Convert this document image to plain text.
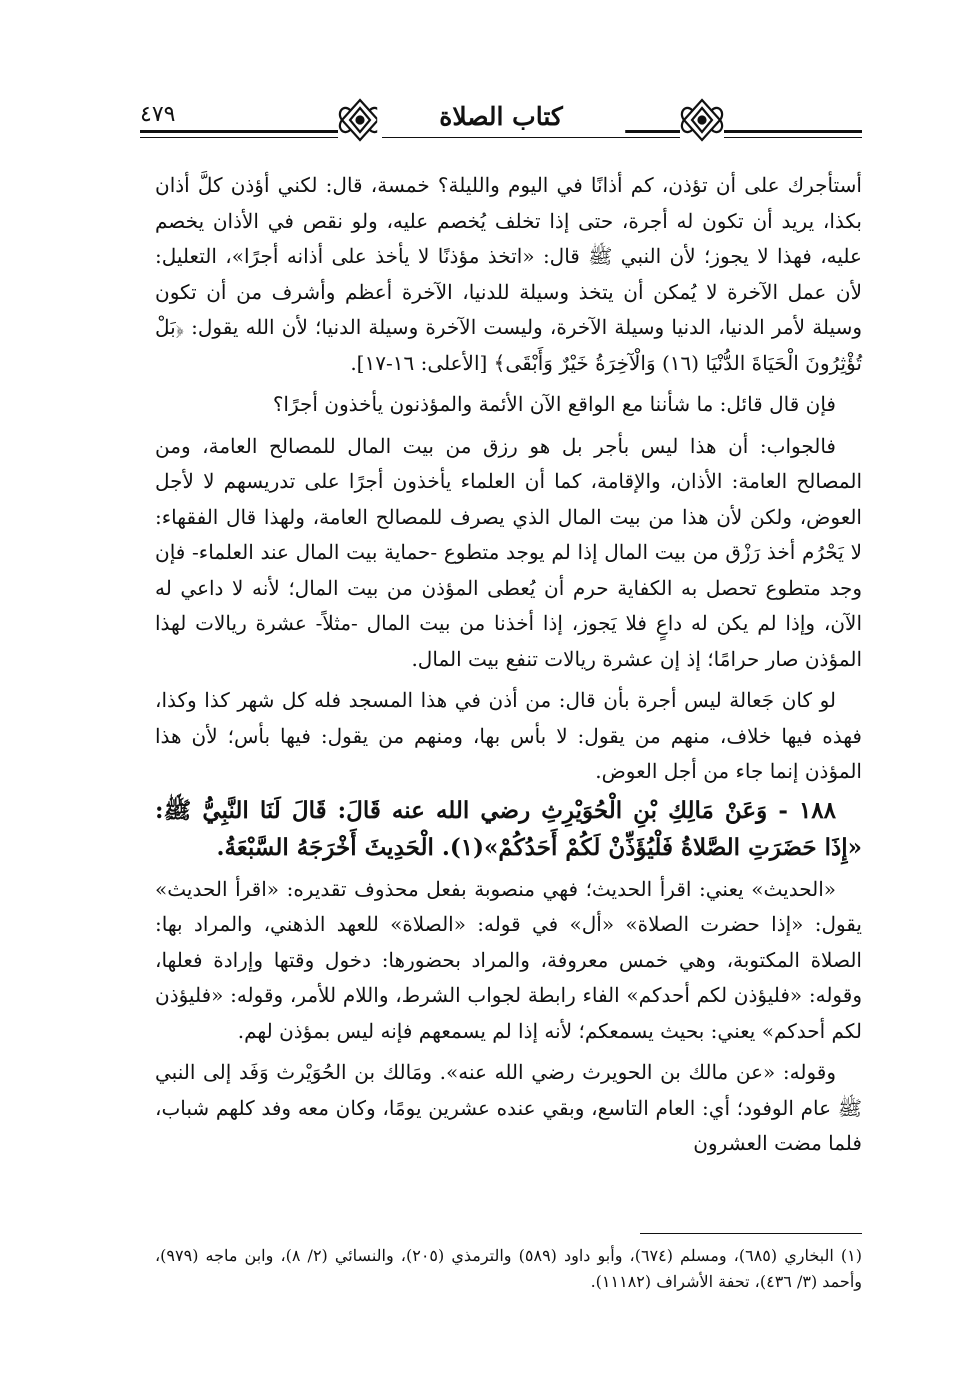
كتاب الصلاة
٤٧٩

أستأجرك على أن تؤذن، كم أذانًا في اليوم والليلة؟ خمسة، قال: لكني أؤذن كلَّ أذان بكذا، يريد أن تكون له أجرة، حتى إذا تخلف يُخصم عليه، ولو نقص في الأذان يخصم عليه، فهذا لا يجوز؛ لأن النبي ﷺ قال: «اتخذ مؤذنًا لا يأخذ على أذانه أجرًا»، التعليل: لأن عمل الآخرة لا يُمكن أن يتخذ وسيلة للدنيا، الآخرة أعظم وأشرف من أن تكون وسيلة لأمر الدنيا، الدنيا وسيلة الآخرة، وليست الآخرة وسيلة الدنيا؛ لأن الله يقول: ﴿بَلْ تُؤْثِرُونَ الْحَيَاةَ الدُّنْيَا (١٦) وَالْآخِرَةُ خَيْرٌ وَأَبْقَى﴾ [الأعلى: ١٦-١٧].

فإن قال قائل: ما شأننا مع الواقع الآن الأئمة والمؤذنون يأخذون أجرًا؟

فالجواب: أن هذا ليس بأجر بل هو رزق من بيت المال للمصالح العامة، ومن المصالح العامة: الأذان، والإقامة، كما أن العلماء يأخذون أجرًا على تدريسهم لا لأجل العوض، ولكن لأن هذا من بيت المال الذي يصرف للمصالح العامة، ولهذا قال الفقهاء: لا يَحْرُم أخذ رَزْق من بيت المال إذا لم يوجد متطوع -حماية بيت المال عند العلماء- فإن وجد متطوع تحصل به الكفاية حرم أن يُعطى المؤذن من بيت المال؛ لأنه لا داعي له الآن، وإذا لم يكن له داعٍ فلا يَجوز، إذا أخذنا من بيت المال -مثلاً- عشرة ريالات لهذا المؤذن صار حرامًا؛ إذ إن عشرة ريالات تنفع بيت المال.

لو كان جَعالة ليس أجرة بأن قال: من أذن في هذا المسجد فله كل شهر كذا وكذا، فهذه فيها خلاف، منهم من يقول: لا بأس بها، ومنهم من يقول: فيها بأس؛ لأن هذا المؤذن إنما جاء من أجل العوض.

١٨٨ - وَعَنْ مَالِكِ بْنِ الْحُوَيْرِثِ رضي الله عنه قَالَ: قَالَ لَنَا النَّبِيُّ ﷺ: «إِذَا حَضَرَتِ الصَّلاةُ فَلْيُؤَذِّنْ لَكُمْ أَحَدُكُمْ»(١). الْحَدِيثَ أَخْرَجَهُ السَّبْعَةُ.

«الحديث» يعني: اقرأ الحديث؛ فهي منصوبة بفعل محذوف تقديره: «اقرأ الحديث» يقول: «إذا حضرت الصلاة» «أل» في قوله: «الصلاة» للعهد الذهني، والمراد بها: الصلاة المكتوبة، وهي خمس معروفة، والمراد بحضورها: دخول وقتها وإرادة فعلها، وقوله: «فليؤذن لكم أحدكم» الفاء رابطة لجواب الشرط، واللام للأمر، وقوله: «فليؤذن لكم أحدكم» يعني: بحيث يسمعكم؛ لأنه إذا لم يسمعهم فإنه ليس بمؤذن لهم.

وقوله: «عن مالك بن الحويرث رضي الله عنه». ومَالك بن الحُوَيْرث وَفَد إلى النبي ﷺ عام الوفود؛ أي: العام التاسع، وبقي عنده عشرين يومًا، وكان معه وفد كلهم شباب، فلما مضت العشرون

(١) البخاري (٦٨٥)، ومسلم (٦٧٤)، وأبو داود (٥٨٩) والترمذي (٢٠٥)، والنسائي (٢/ ٨)، وابن ماجه (٩٧٩)، وأحمد (٣/ ٤٣٦)، تحفة الأشراف (١١١٨٢).
